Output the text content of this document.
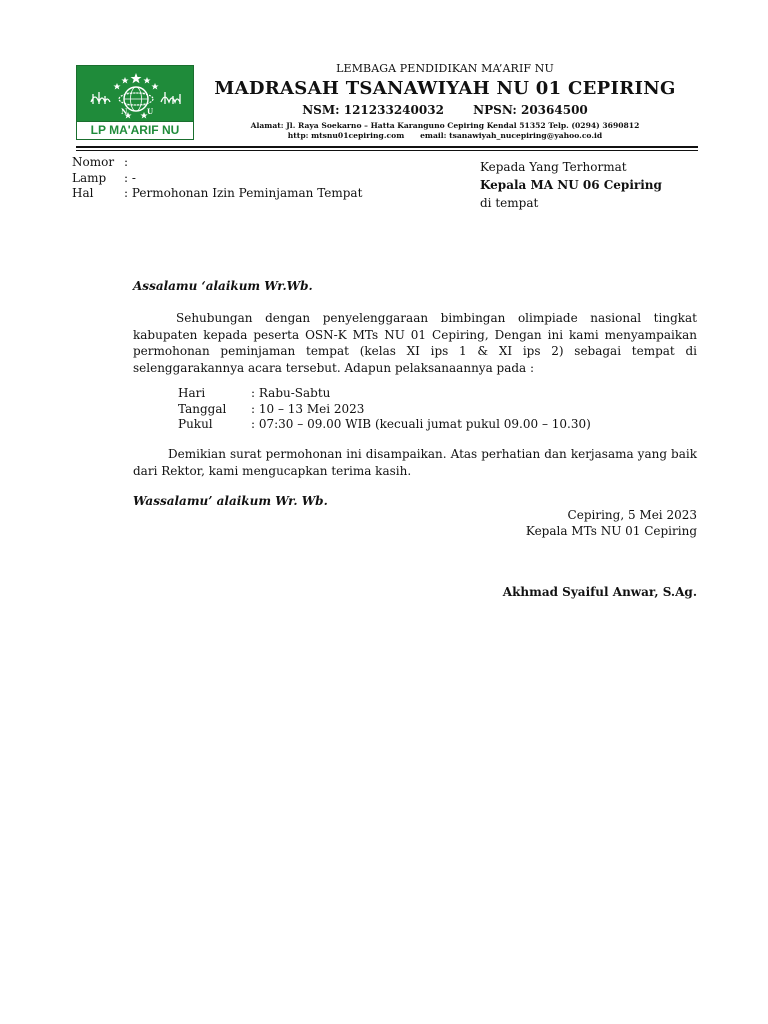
N	U
LP MA'ARIF NU
LEMBAGA PENDIDIKAN MA’ARIF NU
MADRASAH TSANAWIYAH NU 01 CEPIRING
NSM: 121233240032       NPSN: 20364500
Alamat: Jl. Raya Soekarno – Hatta Karanguno Cepiring Kendal 51352 Telp. (0294) 3690812
http: mtsnu01cepiring.com      email: tsanawiyah_nucepiring@yahoo.co.id
Nomor :
Lamp	: -
Hal	: Permohonan Izin Peminjaman Tempat
Kepada Yang Terhormat
Kepala MA NU 06 Cepiring
di tempat
Assalamu ‘alaikum Wr.Wb.
Sehubungan dengan penyelenggaraan bimbingan olimpiade nasional tingkat kabupaten kepada peserta OSN-K MTs NU 01 Cepiring, Dengan ini kami menyampaikan permohonan peminjaman tempat (kelas XI ips 1 & XI ips 2) sebagai tempat di selenggarakannya acara tersebut. Adapun pelaksanaannya pada :
Hari	: Rabu-Sabtu
Tanggal	: 10 – 13 Mei 2023
Pukul	: 07:30 – 09.00 WIB (kecuali jumat pukul 09.00 – 10.30)
Demikian surat permohonan ini disampaikan. Atas perhatian dan kerjasama yang baik dari Rektor, kami mengucapkan terima kasih.
Wassalamu’ alaikum Wr. Wb.
Cepiring, 5 Mei 2023
Kepala MTs NU 01 Cepiring
Akhmad Syaiful Anwar, S.Ag.
